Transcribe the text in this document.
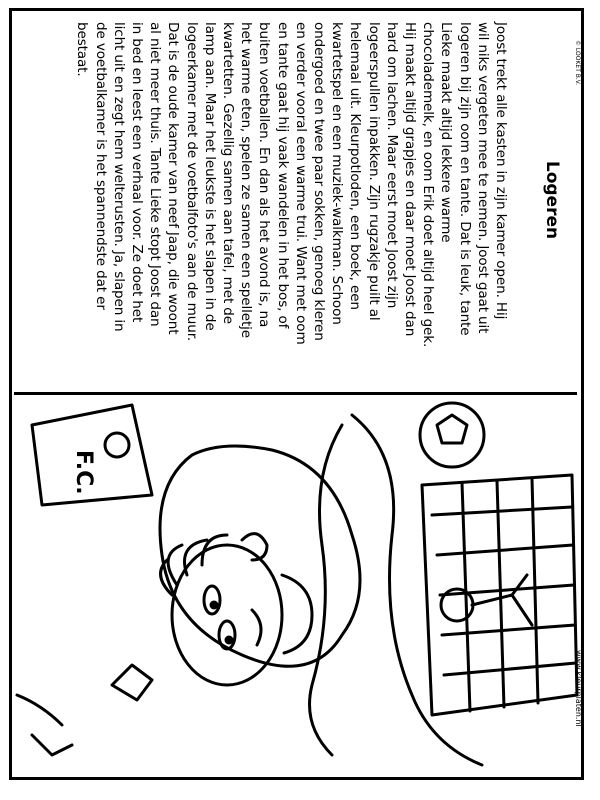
Logeren

Joost trekt alle kasten in zijn kamer open. Hij
wil niks vergeten mee te nemen. Joost gaat uit
logeren bij zijn oom en tante. Dat is leuk, tante
Lieke maakt altijd lekkere warme
chocolademelk, en oom Erik doet altijd heel gek.
Hij maakt altijd grapjes en daar moet Joost dan
hard om lachen. Maar eerst moet Joost zijn
logeerspullen inpakken. Zijn rugzakje puilt al
helemaal uit. Kleurpotloden, een boek, een
kwartetspel en een muziek-walkman. Schoon
ondergoed en twee paar sokken, genoeg kleren
en verder vooral een warme trui. Want met oom
en tante gaat hij vaak wandelen in het bos, of
buiten voetballen. En dan als het avond is, na
het warme eten, spelen ze samen een spelletje
kwartetten. Gezellig samen aan tafel, met de
lamp aan. Maar het leukste is het slapen in de
logeerkamer met de voetbalfoto's aan de muur.
Dat is de oude kamer van neef Jaap, die woont
al niet meer thuis. Tante Lieke stopt Joost dan
in bed en leest een verhaal voor. Ze doet het
licht uit en zegt hem welterusten. Ja, slapen in
de voetbalkamer is het spannendste dat er
bestaat.	© LOOKET B.V.
www.kleurplaten.nl
F.C.
